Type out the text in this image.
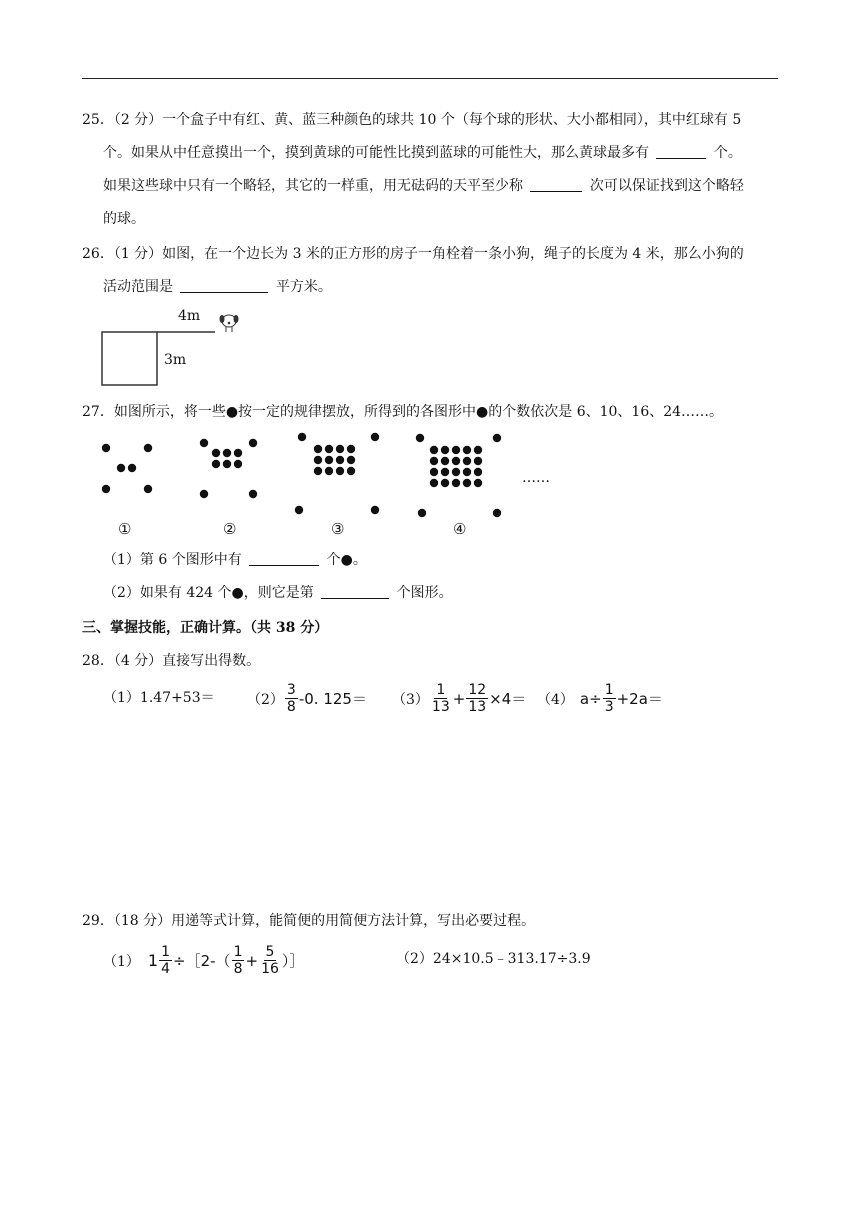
25．（2 分）一个盒子中有红、黄、蓝三种颜色的球共 10 个（每个球的形状、大小都相同），其中红球有 5
个。如果从中任意摸出一个，摸到黄球的可能性比摸到蓝球的可能性大，那么黄球最多有	个。
如果这些球中只有一个略轻，其它的一样重，用无砝码的天平至少称	次可以保证找到这个略轻
的球。
26．（1 分）如图，在一个边长为 3 米的正方形的房子一角栓着一条小狗，绳子的长度为 4 米，那么小狗的
活动范围是	平方米。
4m
3m
27．如图所示，将一些●按一定的规律摆放，所得到的各图形中●的个数依次是 6、10、16、24……。
……
①	②	③	④
（1）第 6 个图形中有	个●。
（2）如果有 424 个●，则它是第	个图形。
三、掌握技能，正确计算。（共 38 分）
28．（4 分）直接写出得数。
$(1)1.47+53= (2) \frac{3}{8} -0$. $125= (3) \frac{1}{13} + \frac{12}{13} \times 4= (4)$ $a\div \frac{1}{3} +2a=$
29．（18 分）用递等式计算，能简便的用简便方法计算，写出必要过程。
（1） $1 \frac{1}{4}$ ÷［2-（ $\frac{1}{8} + \frac{5}{16}$ ）］	（2）24×10.5﹣313.17÷3.9
